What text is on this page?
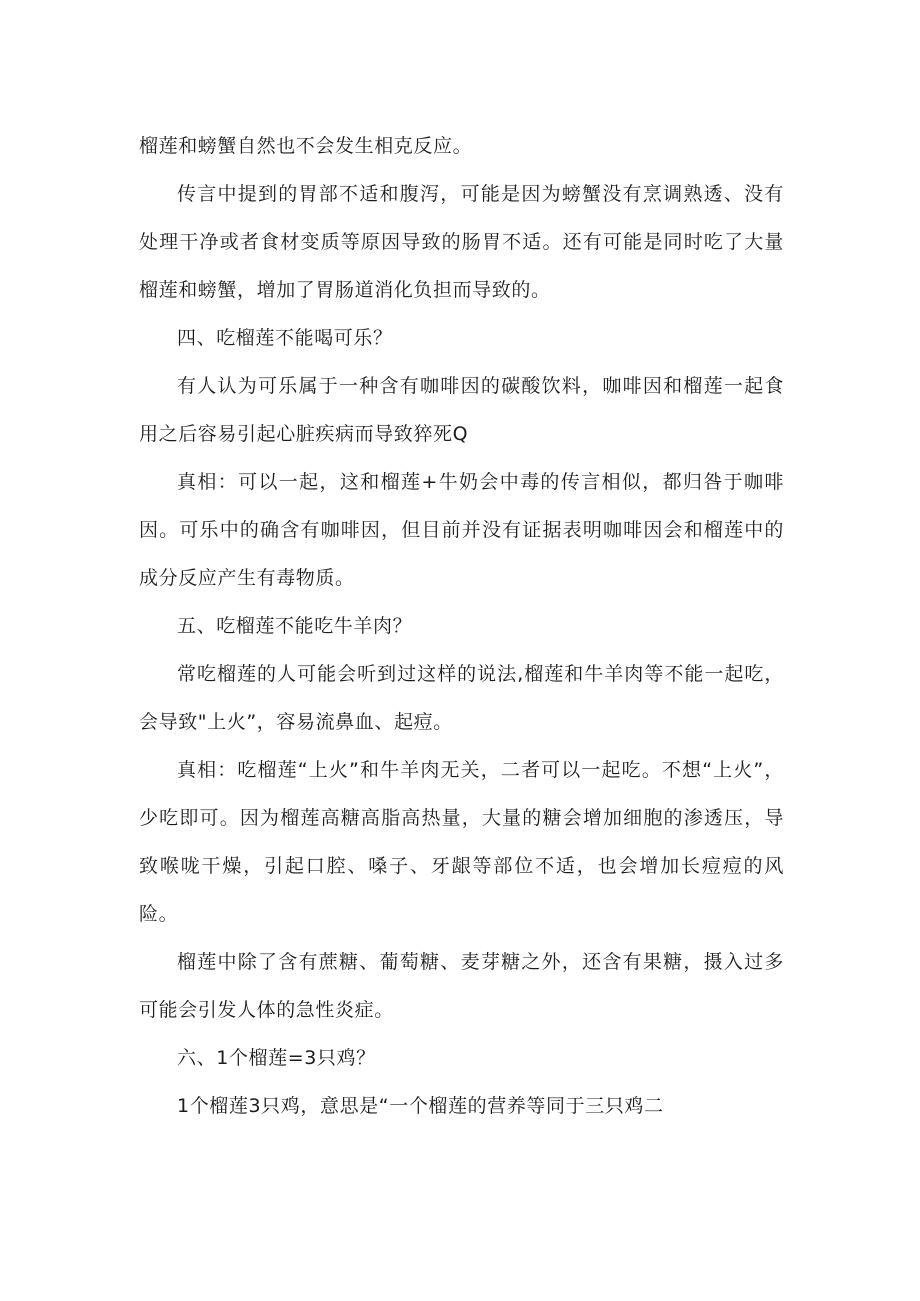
榴莲和螃蟹自然也不会发生相克反应。

传言中提到的胃部不适和腹泻，可能是因为螃蟹没有烹调熟透、没有处理干净或者食材变质等原因导致的肠胃不适。还有可能是同时吃了大量榴莲和螃蟹，增加了胃肠道消化负担而导致的。

四、吃榴莲不能喝可乐？

有人认为可乐属于一种含有咖啡因的碳酸饮料，咖啡因和榴莲一起食用之后容易引起心脏疾病而导致猝死Q

真相：可以一起，这和榴莲+牛奶会中毒的传言相似，都归咎于咖啡因。可乐中的确含有咖啡因，但目前并没有证据表明咖啡因会和榴莲中的成分反应产生有毒物质。

五、吃榴莲不能吃牛羊肉？

常吃榴莲的人可能会听到过这样的说法,榴莲和牛羊肉等不能一起吃，会导致"上火”，容易流鼻血、起痘。

真相：吃榴莲“上火”和牛羊肉无关，二者可以一起吃。不想“上火”，少吃即可。因为榴莲高糖高脂高热量，大量的糖会增加细胞的渗透压，导致喉咙干燥，引起口腔、嗓子、牙龈等部位不适，也会增加长痘痘的风险。

榴莲中除了含有蔗糖、葡萄糖、麦芽糖之外，还含有果糖，摄入过多可能会引发人体的急性炎症。

六、1个榴莲=3只鸡？

1个榴莲3只鸡，意思是“一个榴莲的营养等同于三只鸡二
